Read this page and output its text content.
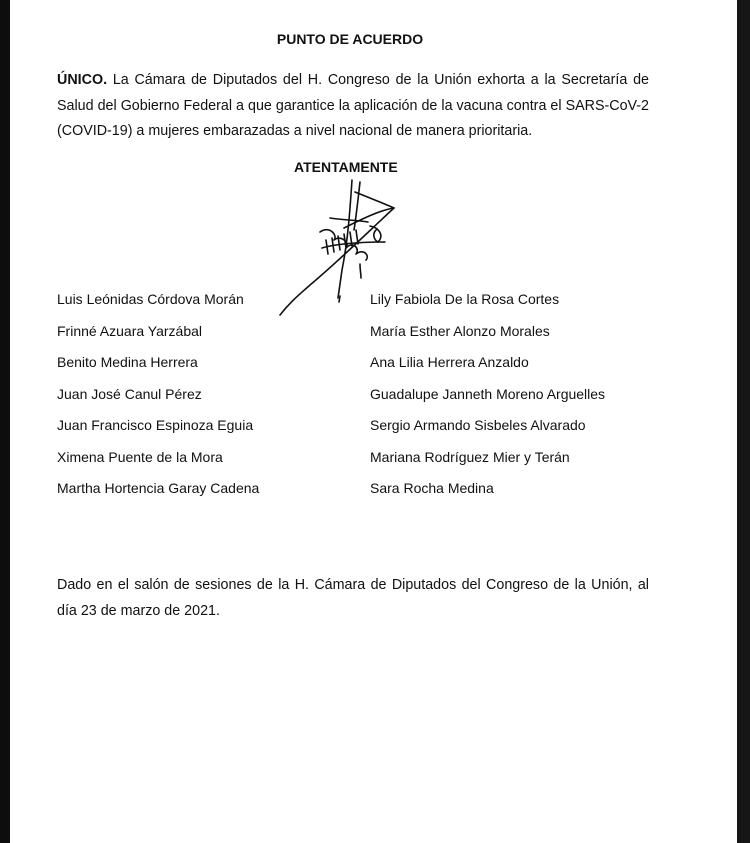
PUNTO DE ACUERDO

ÚNICO. La Cámara de Diputados del H. Congreso de la Unión exhorta a la Secretaría de Salud del Gobierno Federal a que garantice la aplicación de la vacuna contra el SARS-CoV-2 (COVID-19) a mujeres embarazadas a nivel nacional de manera prioritaria.

ATENTAMENTE
Luis Leónidas Córdova Morán
Frinné Azuara Yarzábal
Benito Medina Herrera
Juan José Canul Pérez
Juan Francisco Espinoza Eguia
Ximena Puente de la Mora
Martha Hortencia Garay Cadena
Lily Fabiola De la Rosa Cortes
María Esther Alonzo Morales
Ana Lilia Herrera Anzaldo
Guadalupe Janneth Moreno Arguelles
Sergio Armando Sisbeles Alvarado
Mariana Rodríguez Mier y Terán
Sara Rocha Medina

Dado en el salón de sesiones de la H. Cámara de Diputados del Congreso de la Unión, al día 23 de marzo de 2021.
